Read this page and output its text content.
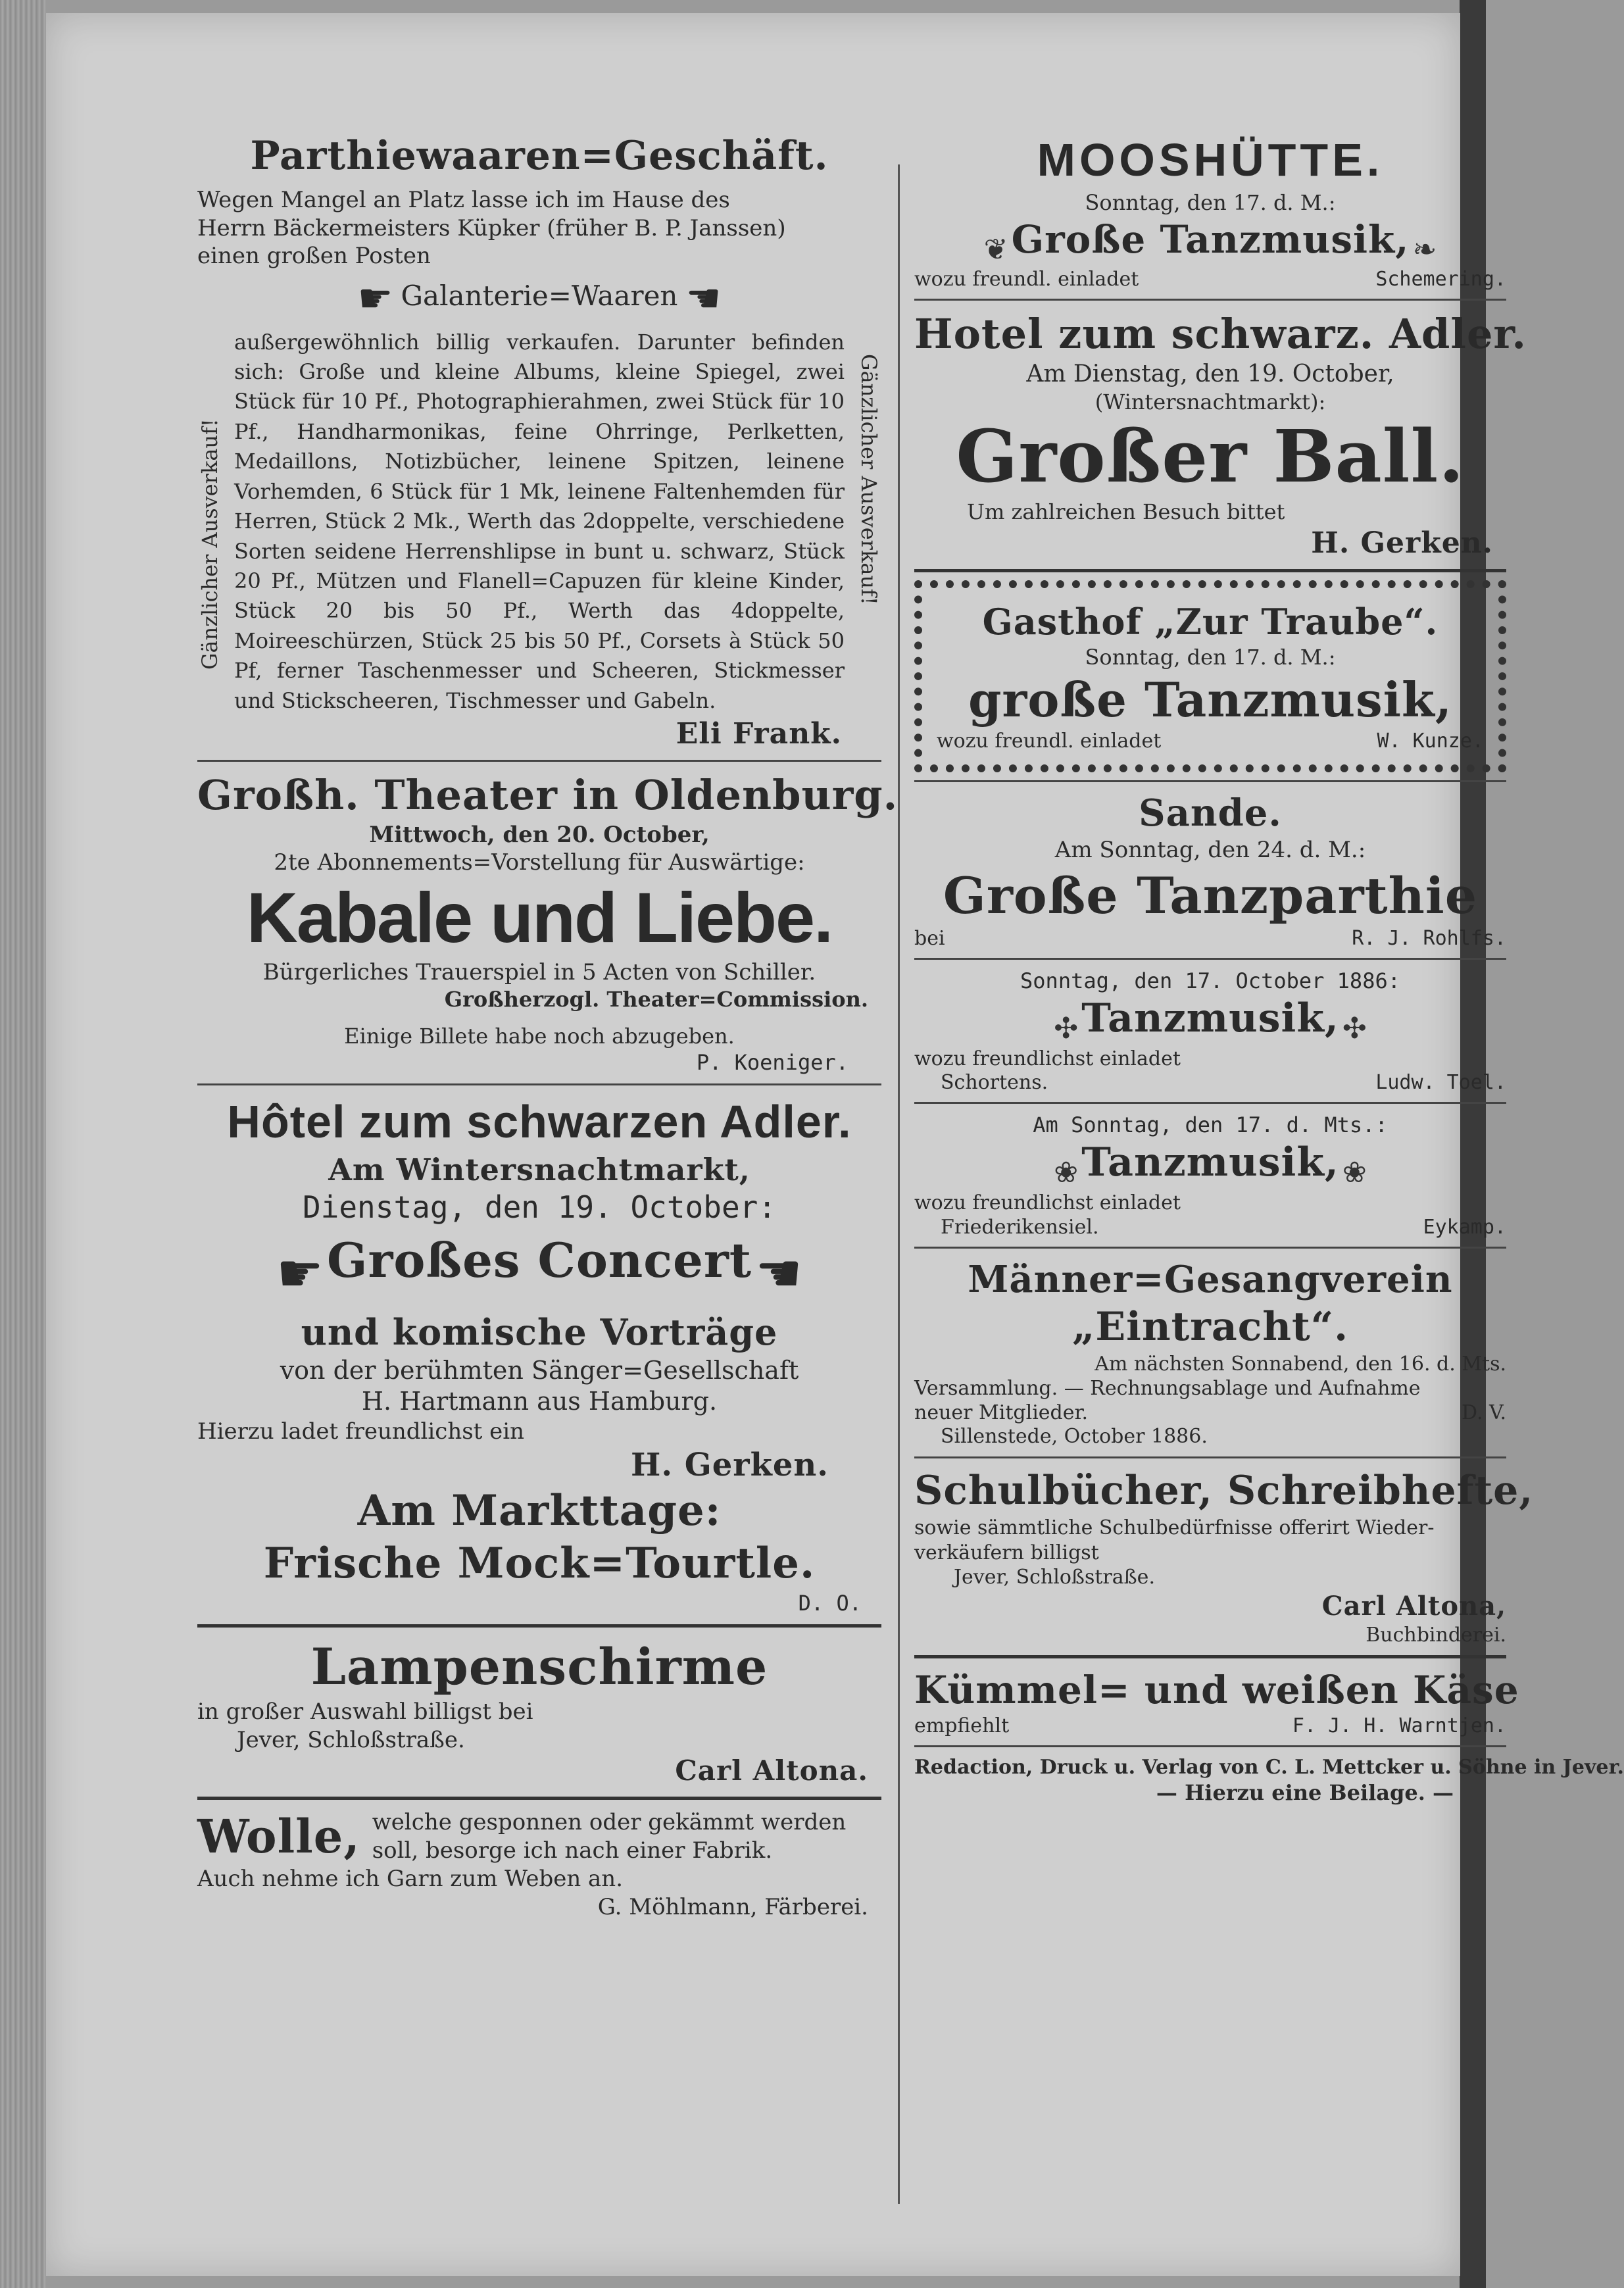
Parthiewaaren=Geschäft.

Wegen Mangel an Platz lasse ich im Hause des

Herrn Bäckermeisters Küpker (früher B. P. Janssen)

einen großen Posten

☛ Galanterie=Waaren ☚

Gänzlicher Ausverkauf!

außergewöhnlich billig verkaufen. Darunter befinden sich: Große und kleine Albums, kleine Spiegel, zwei Stück für 10 Pf., Photographierahmen, zwei Stück für 10 Pf., Handharmonikas, feine Ohrringe, Perlketten, Medaillons, Notizbücher, leinene Spitzen, leinene Vorhemden, 6 Stück für 1 Mk, leinene Faltenhemden für Herren, Stück 2 Mk., Werth das 2doppelte, verschiedene Sorten seidene Herrenshlipse in bunt u. schwarz, Stück 20 Pf., Mützen und Flanell=Capuzen für kleine Kinder, Stück 20 bis 50 Pf., Werth das 4doppelte, Moireeschürzen, Stück 25 bis 50 Pf., Corsets à Stück 50 Pf, ferner Taschenmesser und Scheeren, Stickmesser und Stickscheeren, Tischmesser und Gabeln.

Gänzlicher Ausverkauf!

Eli Frank.

Großh. Theater in Oldenburg.

Mittwoch, den 20. October,

2te Abonnements=Vorstellung für Auswärtige:

Kabale und Liebe.

Bürgerliches Trauerspiel in 5 Acten von Schiller.

Großherzogl. Theater=Commission.

Einige Billete habe noch abzugeben.

P. Koeniger.

Hôtel zum schwarzen Adler.

Am Wintersnachtmarkt,

Dienstag, den 19. October:

☛ Großes Concert ☚

und komische Vorträge

von der berühmten Sänger=Gesellschaft

H. Hartmann aus Hamburg.

Hierzu ladet freundlichst ein

H. Gerken.

Am Markttage:

Frische Mock=Tourtle.

D. O.

Lampenschirme

in großer Auswahl billigst bei

Jever, Schloßstraße.

Carl Altona.

Wolle, welche gesponnen oder gekämmt werden

soll, besorge ich nach einer Fabrik.

Auch nehme ich Garn zum Weben an.

G. Möhlmann, Färberei.

MOOSHÜTTE.

Sonntag, den 17. d. M.:

❦ Große Tanzmusik, ❧

wozu freundl. einladet	Schemering.

Hotel zum schwarz. Adler.

Am Dienstag, den 19. October,

(Wintersnachtmarkt):

Großer Ball.

Um zahlreichen Besuch bittet

H. Gerken.

Gasthof „Zur Traube“.

Sonntag, den 17. d. M.:

große Tanzmusik,

wozu freundl. einladet	W. Kunze.

Sande.

Am Sonntag, den 24. d. M.:

Große Tanzparthie

bei	R. J. Rohlfs.

Sonntag, den 17. October 1886:

✣ Tanzmusik, ✣

wozu freundlichst einladet

Schortens.	Ludw. Toel.

Am Sonntag, den 17. d. Mts.:

❀ Tanzmusik, ❀

wozu freundlichst einladet

Friederikensiel.	Eykamp.

Männer=Gesangverein

„Eintracht“.

Am nächsten Sonnabend, den 16. d. Mts.

Versammlung. — Rechnungsablage und Aufnahme

neuer Mitglieder.	D. V.

Sillenstede, October 1886.

Schulbücher, Schreibhefte,

sowie sämmtliche Schulbedürfnisse offerirt Wieder-

verkäufern billigst

Jever, Schloßstraße.

Carl Altona,

Buchbinderei.

Kümmel= und weißen Käse

empfiehlt	F. J. H. Warntjen.

Redaction, Druck u. Verlag von C. L. Mettcker u. Söhne in Jever.

— Hierzu eine Beilage. —
